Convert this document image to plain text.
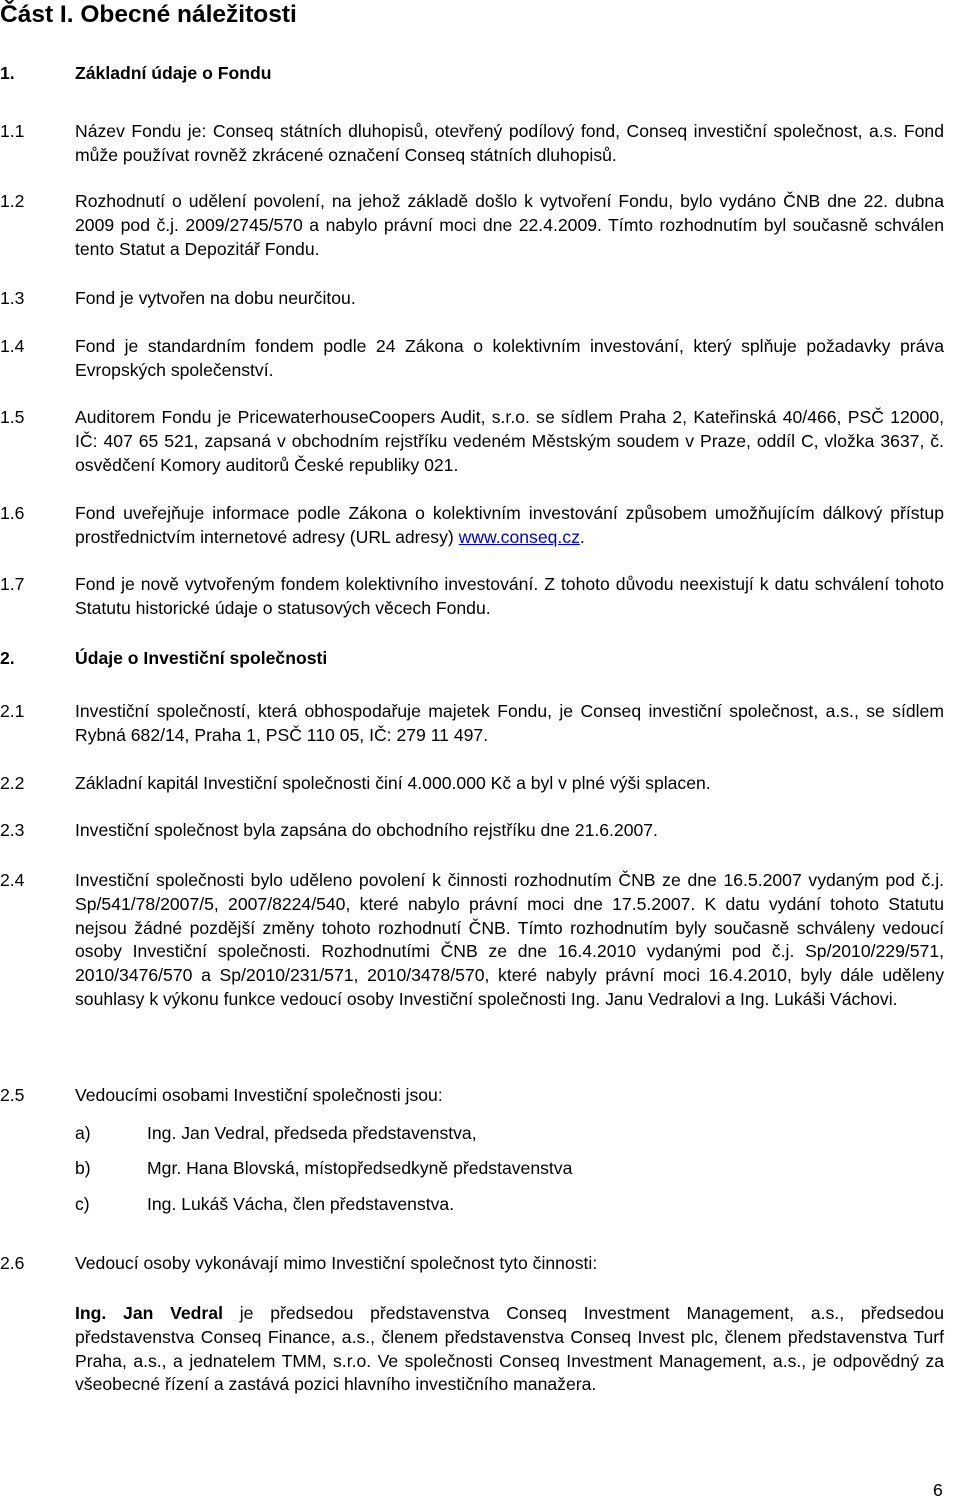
Část I. Obecné náležitosti
1.	Základní údaje o Fondu
1.1	Název Fondu je: Conseq státních dluhopisů, otevřený podílový fond, Conseq investiční společnost, a.s. Fond může používat rovněž zkrácené označení Conseq státních dluhopisů.
1.2	Rozhodnutí o udělení povolení, na jehož základě došlo k vytvoření Fondu, bylo vydáno ČNB dne 22. dubna 2009 pod č.j. 2009/2745/570 a nabylo právní moci dne 22.4.2009. Tímto rozhodnutím byl současně schválen tento Statut a Depozitář Fondu.
1.3	Fond je vytvořen na dobu neurčitou.
1.4	Fond je standardním fondem podle 24 Zákona o kolektivním investování, který splňuje požadavky práva Evropských společenství.
1.5	Auditorem Fondu je PricewaterhouseCoopers Audit, s.r.o. se sídlem Praha 2, Kateřinská 40/466, PSČ 12000, IČ: 407 65 521, zapsaná v obchodním rejstříku vedeném Městským soudem v Praze, oddíl C, vložka 3637, č. osvědčení Komory auditorů České republiky 021.
1.6	Fond uveřejňuje informace podle Zákona o kolektivním investování způsobem umožňujícím dálkový přístup prostřednictvím internetové adresy (URL adresy) www.conseq.cz.
1.7	Fond je nově vytvořeným fondem kolektivního investování. Z tohoto důvodu neexistují k datu schválení tohoto Statutu historické údaje o statusových věcech Fondu.
2.	Údaje o Investiční společnosti
2.1	Investiční společností, která obhospodařuje majetek Fondu, je Conseq investiční společnost, a.s., se sídlem Rybná 682/14, Praha 1, PSČ 110 05, IČ: 279 11 497.
2.2	Základní kapitál Investiční společnosti činí 4.000.000 Kč a byl v plné výši splacen.
2.3	Investiční společnost byla zapsána do obchodního rejstříku dne 21.6.2007.
2.4	Investiční společnosti bylo uděleno povolení k činnosti rozhodnutím ČNB ze dne 16.5.2007 vydaným pod č.j. Sp/541/78/2007/5, 2007/8224/540, které nabylo právní moci dne 17.5.2007. K datu vydání tohoto Statutu nejsou žádné pozdější změny tohoto rozhodnutí ČNB. Tímto rozhodnutím byly současně schváleny vedoucí osoby Investiční společnosti. Rozhodnutími ČNB ze dne 16.4.2010 vydanými pod č.j. Sp/2010/229/571, 2010/3476/570 a Sp/2010/231/571, 2010/3478/570, které nabyly právní moci 16.4.2010, byly dále uděleny souhlasy k výkonu funkce vedoucí osoby Investiční společnosti Ing. Janu Vedralovi a Ing. Lukáši Váchovi.
2.5	Vedoucími osobami Investiční společnosti jsou:
a)	Ing. Jan Vedral, předseda představenstva,
b)	Mgr. Hana Blovská, místopředsedkyně představenstva
c)	Ing. Lukáš Vácha, člen představenstva.
2.6	Vedoucí osoby vykonávají mimo Investiční společnost tyto činnosti:
Ing. Jan Vedral je předsedou představenstva Conseq Investment Management, a.s., předsedou představenstva Conseq Finance, a.s., členem představenstva Conseq Invest plc, členem představenstva Turf Praha, a.s., a jednatelem TMM, s.r.o. Ve společnosti Conseq Investment Management, a.s., je odpovědný za všeobecné řízení a zastává pozici hlavního investičního manažera.
6
